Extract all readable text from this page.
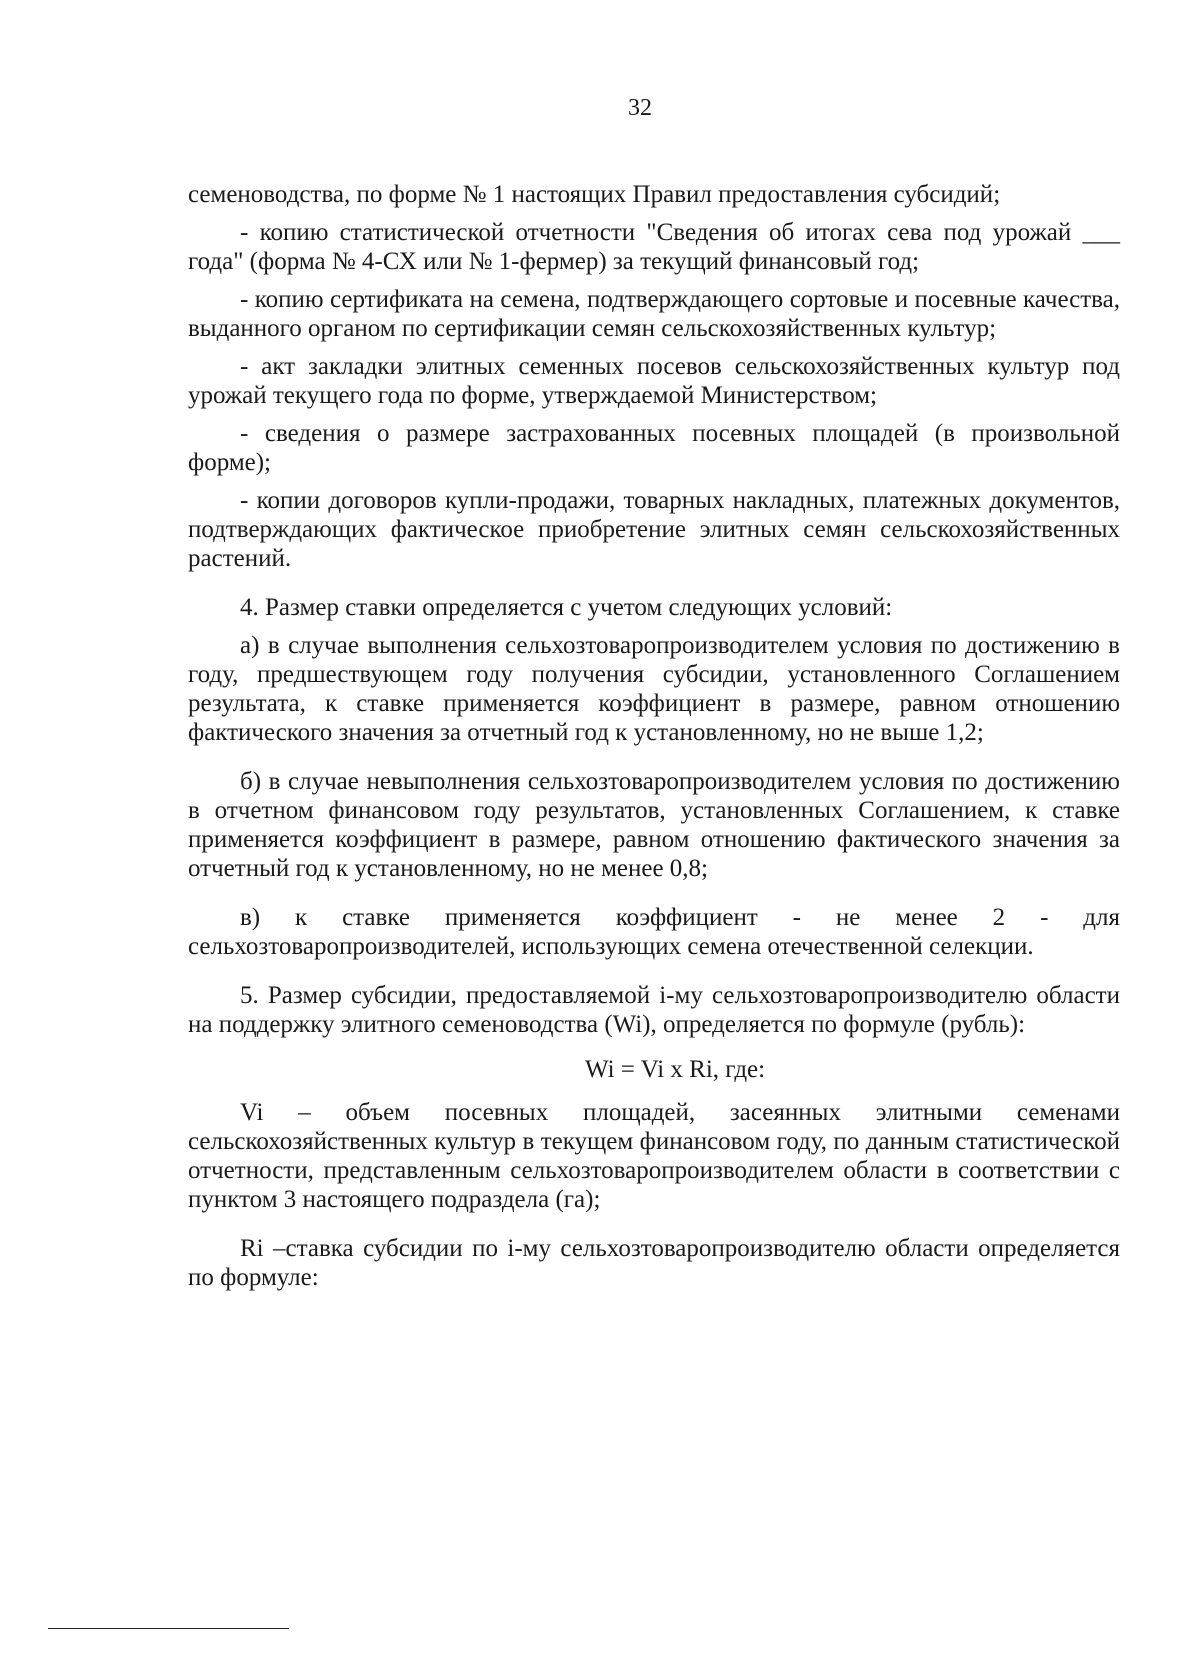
32

семеноводства, по форме № 1 настоящих Правил предоставления субсидий;

- копию статистической отчетности "Сведения об итогах сева под урожай ___ года" (форма № 4-СХ или № 1-фермер) за текущий финансовый год;

- копию сертификата на семена, подтверждающего сортовые и посевные качества, выданного органом по сертификации семян сельскохозяйственных культур;

- акт закладки элитных семенных посевов сельскохозяйственных культур под урожай текущего года по форме, утверждаемой Министерством;

- сведения о размере застрахованных посевных площадей (в произвольной форме);

- копии договоров купли-продажи, товарных накладных, платежных документов, подтверждающих фактическое приобретение элитных семян сельскохозяйственных растений.

4. Размер ставки определяется с учетом следующих условий:

а) в случае выполнения сельхозтоваропроизводителем условия по достижению в году, предшествующем году получения субсидии, установленного Соглашением результата, к ставке применяется коэффициент в размере, равном отношению фактического значения за отчетный год к установленному, но не выше 1,2;

б) в случае невыполнения сельхозтоваропроизводителем условия по достижению в отчетном финансовом году результатов, установленных Соглашением, к ставке применяется коэффициент в размере, равном отношению фактического значения за отчетный год к установленному, но не менее 0,8;

в) к ставке применяется коэффициент - не менее 2 - для сельхозтоваропроизводителей, использующих семена отечественной селекции.

5. Размер субсидии, предоставляемой i-му сельхозтоваропроизводителю области на поддержку элитного семеноводства (Wi), определяется по формуле (рубль):

Wi = Vi x Ri, где:

Vi – объем посевных площадей, засеянных элитными семенами сельскохозяйственных культур в текущем финансовом году, по данным статистической отчетности, представленным сельхозтоваропроизводителем области в соответствии с пунктом 3 настоящего подраздела (га);

Ri –ставка субсидии по i-му сельхозтоваропроизводителю области определяется по формуле:
